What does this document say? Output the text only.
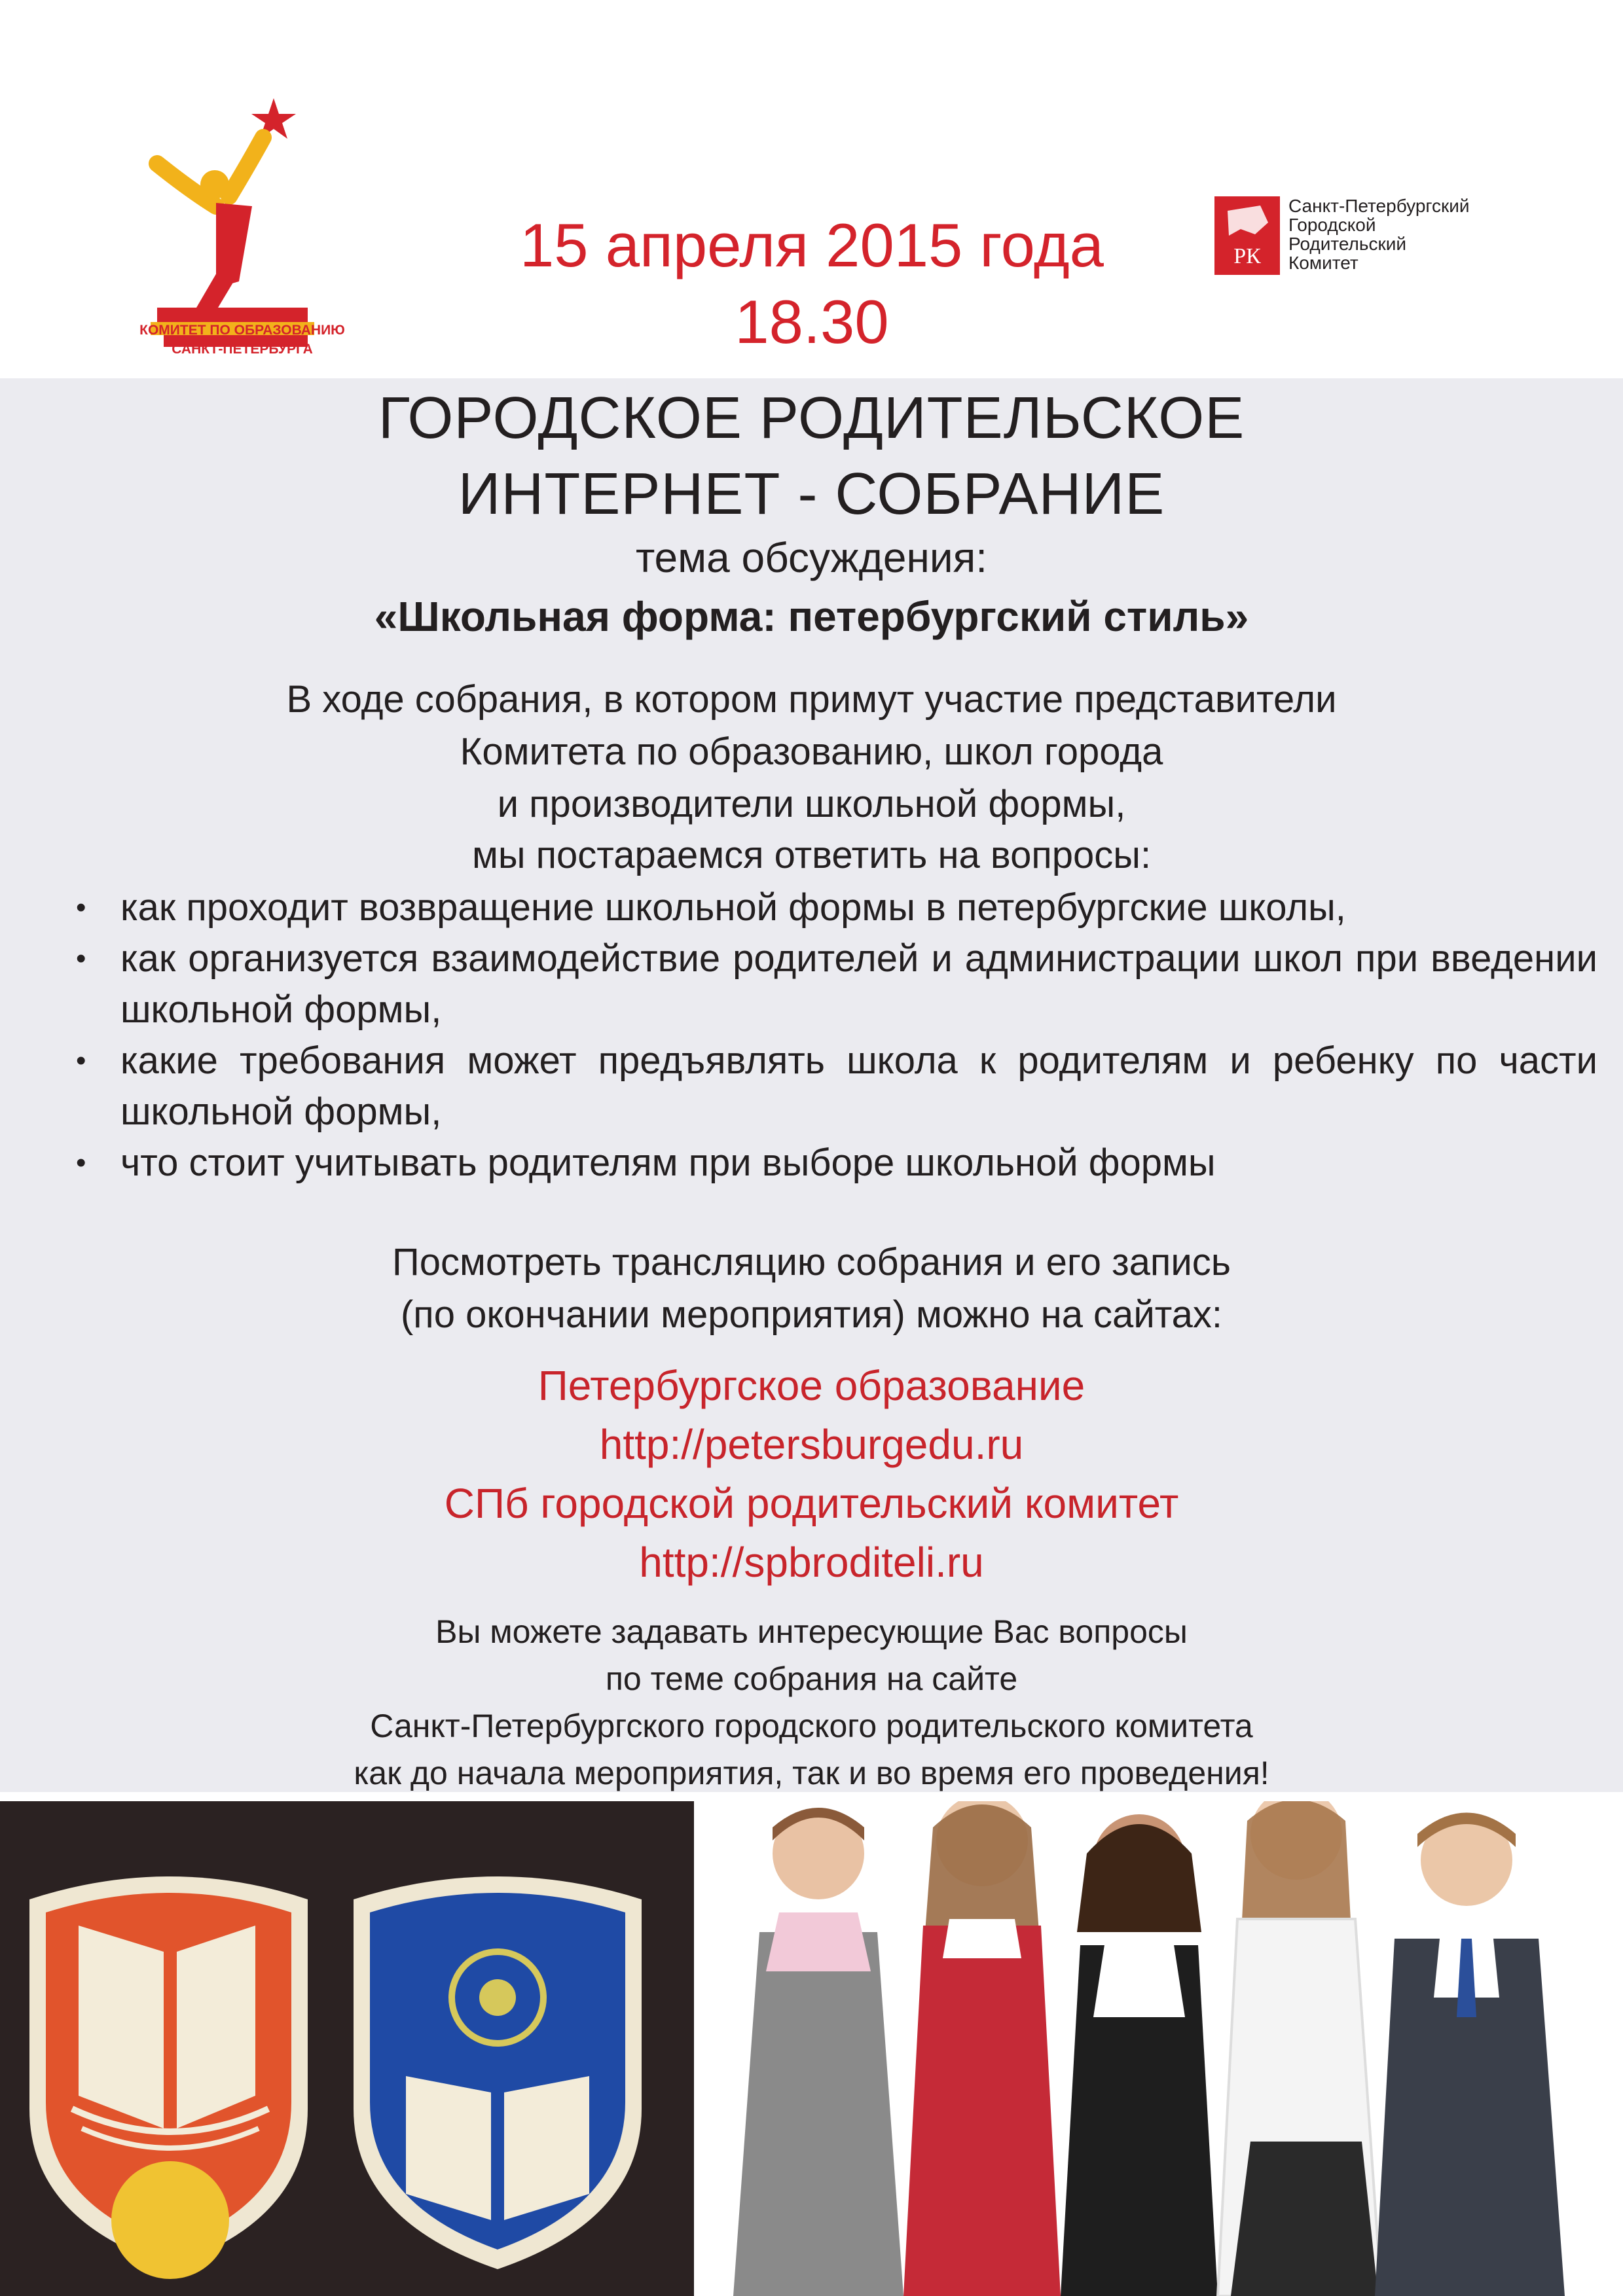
КОМИТЕТ ПО ОБРАЗОВАНИЮ
САНКТ-ПЕТЕРБУРГА
15 апреля 2015 года
18.30
РК
Санкт-Петербургский
Городской
Родительский
Комитет
ГОРОДСКОЕ РОДИТЕЛЬСКОЕ
ИНТЕРНЕТ - СОБРАНИЕ
тема обсуждения:
«Школьная форма: петербургский стиль»
В ходе собрания, в котором примут участие представители
Комитета по образованию, школ города
и производители школьной формы,
мы постараемся ответить на вопросы:
• как проходит возвращение школьной формы в петербургские школы,
• как организуется взаимодействие родителей и администрации школ при введении школьной формы,
• какие требования может предъявлять школа к родителям и ребенку по части школьной формы,
• что стоит учитывать родителям при выборе школьной формы
Посмотреть трансляцию собрания и его запись
(по окончании мероприятия) можно на сайтах:
Петербургское образование
http://petersburgedu.ru
СПб городской родительский комитет
http://spbroditeli.ru
Вы можете задавать интересующие Вас вопросы
по теме собрания на сайте
Санкт-Петербургского городского родительского комитета
как до начала мероприятия, так и во время его проведения!
